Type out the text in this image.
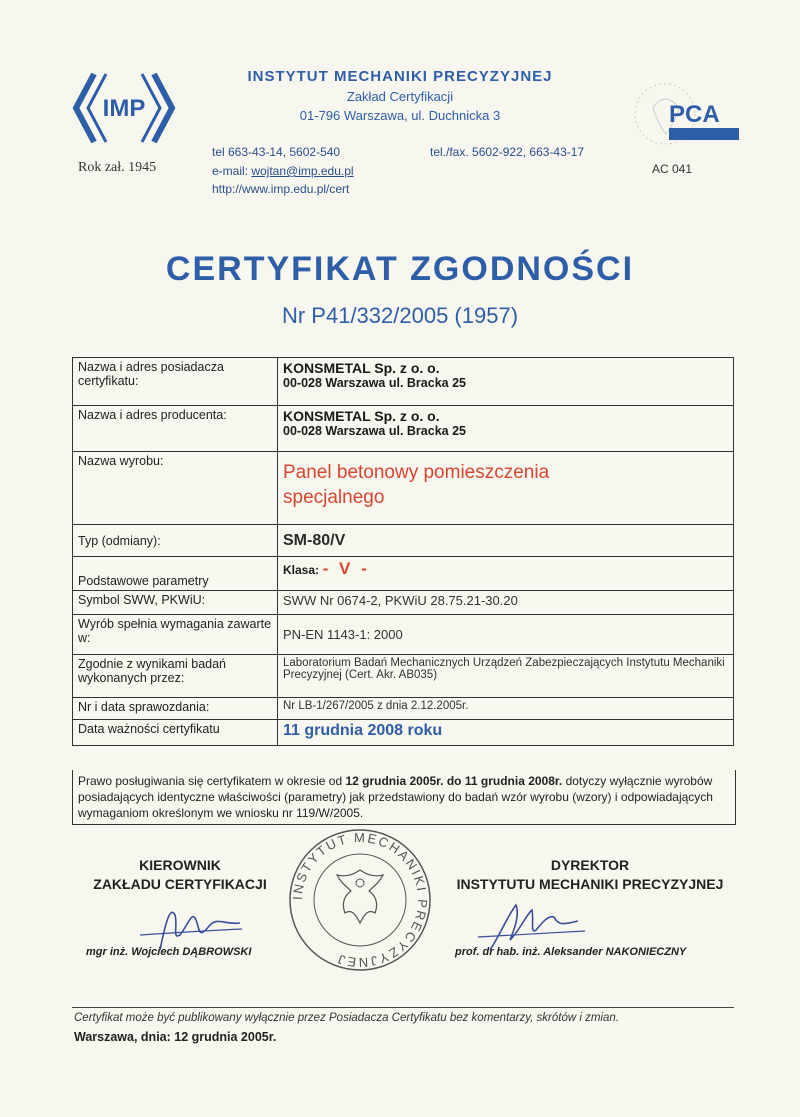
IMP
Rok zał. 1945
INSTYTUT MECHANIKI PRECYZYJNEJ
Zakład Certyfikacji
01-796 Warszawa, ul. Duchnicka 3
tel 663-43-14, 5602-540
e-mail: wojtan@imp.edu.pl
http://www.imp.edu.pl/cert
tel./fax. 5602-922, 663-43-17
PCA
AC 041
CERTYFIKAT ZGODNOŚCI
Nr P41/332/2005 (1957)
Nazwa i adres posiadacza certyfikatu:	KONSMETAL Sp. z o. o.
00-028 Warszawa ul. Bracka 25

Nazwa i adres producenta:	KONSMETAL Sp. z o. o.
00-028 Warszawa ul. Bracka 25

Nazwa wyrobu:	Panel betonowy pomieszczenia specjalnego

Typ (odmiany):	SM-80/V
Podstawowe parametry	Klasa: - V -
Symbol SWW, PKWiU:	SWW Nr 0674-2, PKWiU 28.75.21-30.20
Wyrób spełnia wymagania zawarte w:	PN-EN 1143-1: 2000
Zgodnie z wynikami badań wykonanych przez:	Laboratorium Badań Mechanicznych Urządzeń Zabezpieczających Instytutu Mechaniki Precyzyjnej (Cert. Akr. AB035)
Nr i data sprawozdania:	Nr LB-1/267/2005 z dnia 2.12.2005r.
Data ważności certyfikatu	11 grudnia 2008 roku
Prawo posługiwania się certyfikatem w okresie od 12 grudnia 2005r. do 11 grudnia 2008r. dotyczy wyłącznie wyrobów posiadających identyczne właściwości (parametry) jak przedstawiony do badań wzór wyrobu (wzory) i odpowiadających wymaganiom określonym we wniosku nr 119/W/2005.
KIEROWNIK
ZAKŁADU CERTYFIKACJI
mgr inż. Wojciech DĄBROWSKI
INSTYTUT MECHANIKI PRECYZYJNEJ
DYREKTOR
INSTYTUTU MECHANIKI PRECYZYJNEJ
prof. dr hab. inż. Aleksander NAKONIECZNY
Certyfikat może być publikowany wyłącznie przez Posiadacza Certyfikatu bez komentarzy, skrótów i zmian.
Warszawa, dnia: 12 grudnia 2005r.
